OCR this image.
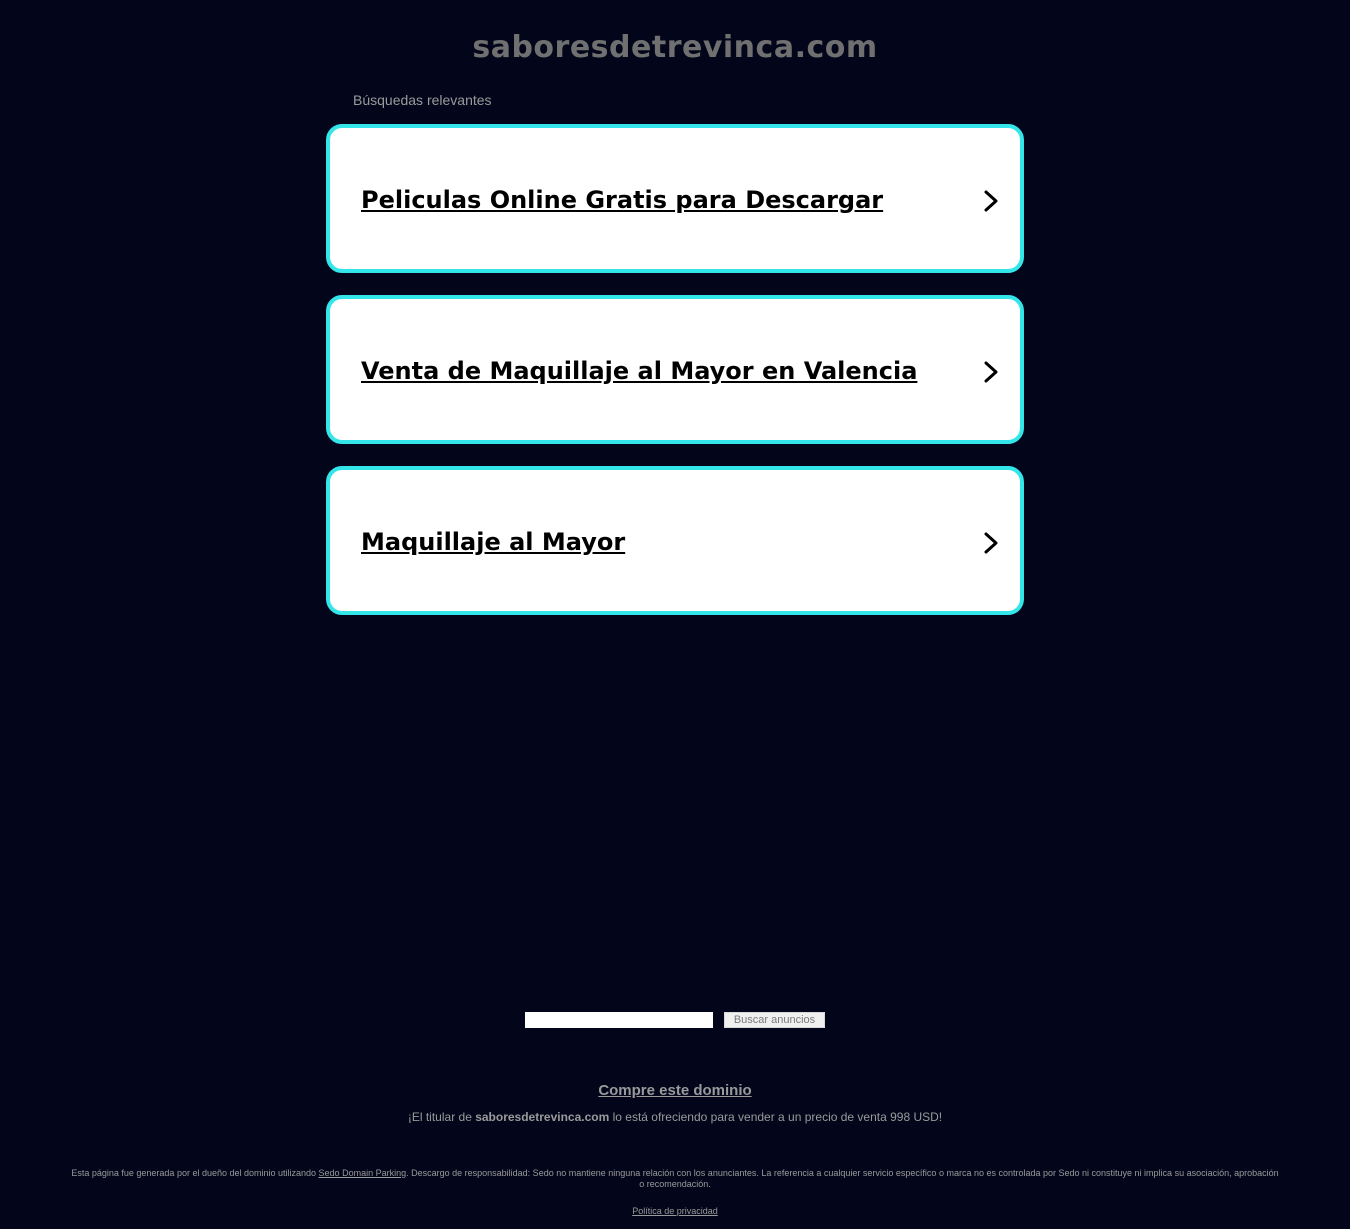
saboresdetrevinca.com
Búsquedas relevantes
Peliculas Online Gratis para Descargar
Venta de Maquillaje al Mayor en Valencia
Maquillaje al Mayor
Buscar anuncios
Compre este dominio
¡El titular de saboresdetrevinca.com lo está ofreciendo para vender a un precio de venta 998 USD!
Esta página fue generada por el dueño del dominio utilizando Sedo Domain Parking. Descargo de responsabilidad: Sedo no mantiene ninguna relación con los anunciantes. La referencia a cualquier servicio específico o marca no es controlada por Sedo ni constituye ni implica su asociación, aprobación o recomendación.
Política de privacidad
